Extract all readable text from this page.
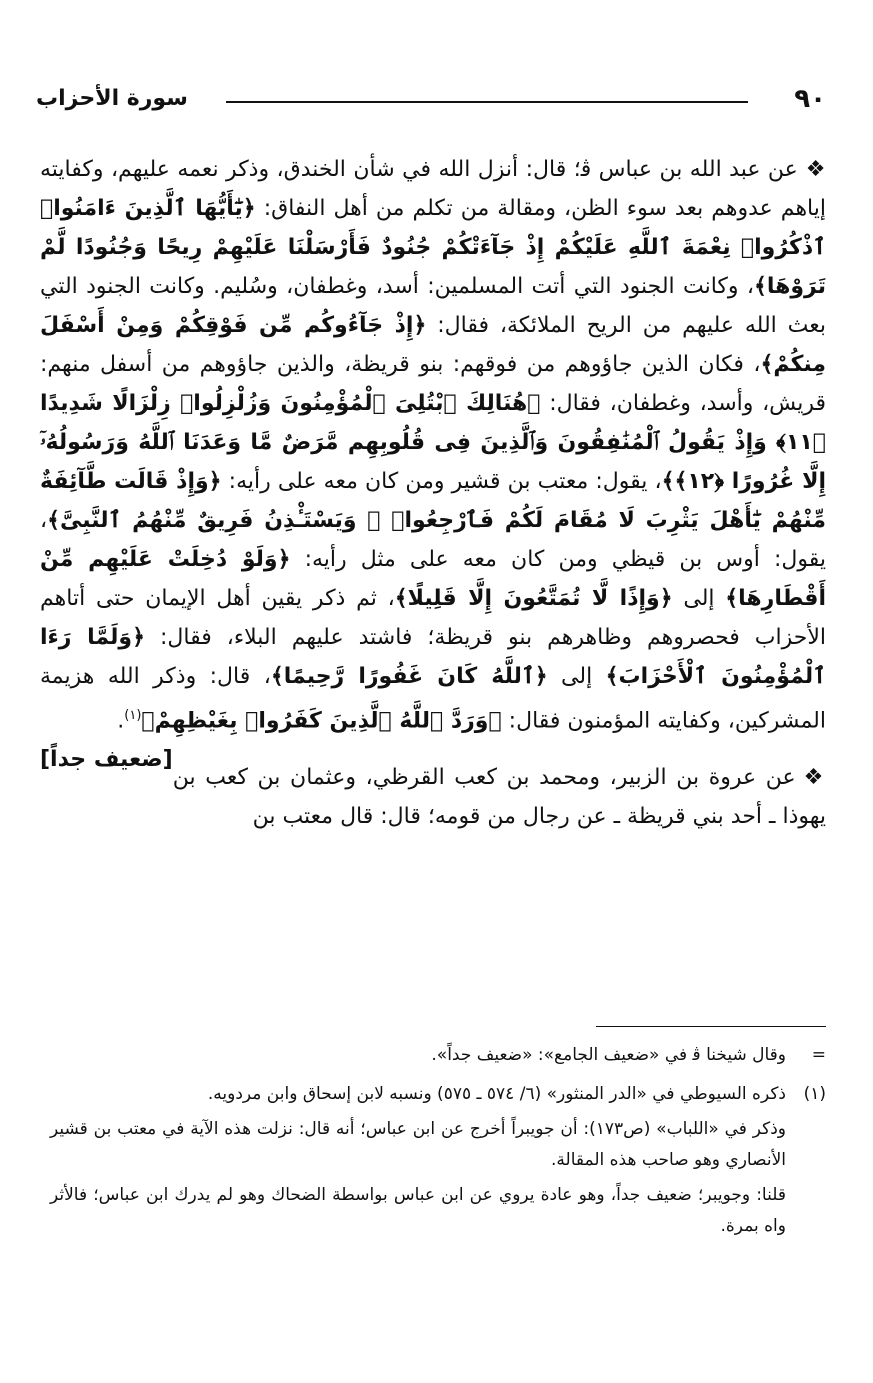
٩٠
سورة الأحزاب

❖عن عبد الله بن عباس ﭬ؛ قال: أنزل الله في شأن الخندق، وذكر نعمه عليهم، وكفايته إياهم عدوهم بعد سوء الظن، ومقالة من تكلم من أهل النفاق: ﴿يَٰٓأَيُّهَا ٱلَّذِينَ ءَامَنُوا۟ ٱذْكُرُوا۟ نِعْمَةَ ٱللَّهِ عَلَيْكُمْ إِذْ جَآءَتْكُمْ جُنُودٌ فَأَرْسَلْنَا عَلَيْهِمْ رِيحًا وَجُنُودًا لَّمْ تَرَوْهَا﴾، وكانت الجنود التي أتت المسلمين: أسد، وغطفان، وسُليم. وكانت الجنود التي بعث الله عليهم من الريح الملائكة، فقال: ﴿إِذْ جَآءُوكُم مِّن فَوْقِكُمْ وَمِنْ أَسْفَلَ مِنكُمْ﴾، فكان الذين جاؤوهم من فوقهم: بنو قريظة، والذين جاؤوهم من أسفل منهم: قريش، وأسد، وغطفان، فقال: ﴿هُنَالِكَ ٱبْتُلِىَ ٱلْمُؤْمِنُونَ وَزُلْزِلُوا۟ زِلْزَالًا شَدِيدًا ﴿١١﴾ وَإِذْ يَقُولُ ٱلْمُنَٰفِقُونَ وَٱلَّذِينَ فِى قُلُوبِهِم مَّرَضٌ مَّا وَعَدَنَا ٱللَّهُ وَرَسُولُهُۥٓ إِلَّا غُرُورًا ﴿١٢﴾﴾، يقول: معتب بن قشير ومن كان معه على رأيه: ﴿وَإِذْ قَالَت طَّآئِفَةٌ مِّنْهُمْ يَٰٓأَهْلَ يَثْرِبَ لَا مُقَامَ لَكُمْ فَٱرْجِعُوا۟ ۚ وَيَسْتَـْٔذِنُ فَرِيقٌ مِّنْهُمُ ٱلنَّبِىَّ﴾، يقول: أوس بن قيظي ومن كان معه على مثل رأيه: ﴿وَلَوْ دُخِلَتْ عَلَيْهِم مِّنْ أَقْطَارِهَا﴾ إلى ﴿وَإِذًا لَّا تُمَتَّعُونَ إِلَّا قَلِيلًا﴾، ثم ذكر يقين أهل الإيمان حتى أتاهم الأحزاب فحصروهم وظاهرهم بنو قريظة؛ فاشتد عليهم البلاء، فقال: ﴿وَلَمَّا رَءَا ٱلْمُؤْمِنُونَ ٱلْأَحْزَابَ﴾ إلى ﴿ٱللَّهُ كَانَ غَفُورًا رَّحِيمًا﴾، قال: وذكر الله هزيمة المشركين، وكفايته المؤمنون فقال: ﴿وَرَدَّ ٱللَّهُ ٱلَّذِينَ كَفَرُوا۟ بِغَيْظِهِمْ﴾$^{(١)}$.
[ضعيف جداً]

❖عن عروة بن الزبير، ومحمد بن كعب القرظي، وعثمان بن كعب بن يهوذا ـ أحد بني قريظة ـ عن رجال من قومه؛ قال: قال معتب بن

=

وقال شيخنا ﭬ في «ضعيف الجامع»: «ضعيف جداً».

(١)

ذكره السيوطي في «الدر المنثور» (٦/ ٥٧٤ ـ ٥٧٥) ونسبه لابن إسحاق وابن مردويه.

وذكر في «اللباب» (ص١٧٣): أن جويبراً أخرج عن ابن عباس؛ أنه قال: نزلت هذه الآية في معتب بن قشير الأنصاري وهو صاحب هذه المقالة.

قلنا: وجويبر؛ ضعيف جداً، وهو عادة يروي عن ابن عباس بواسطة الضحاك وهو لم يدرك ابن عباس؛ فالأثر واه بمرة.
